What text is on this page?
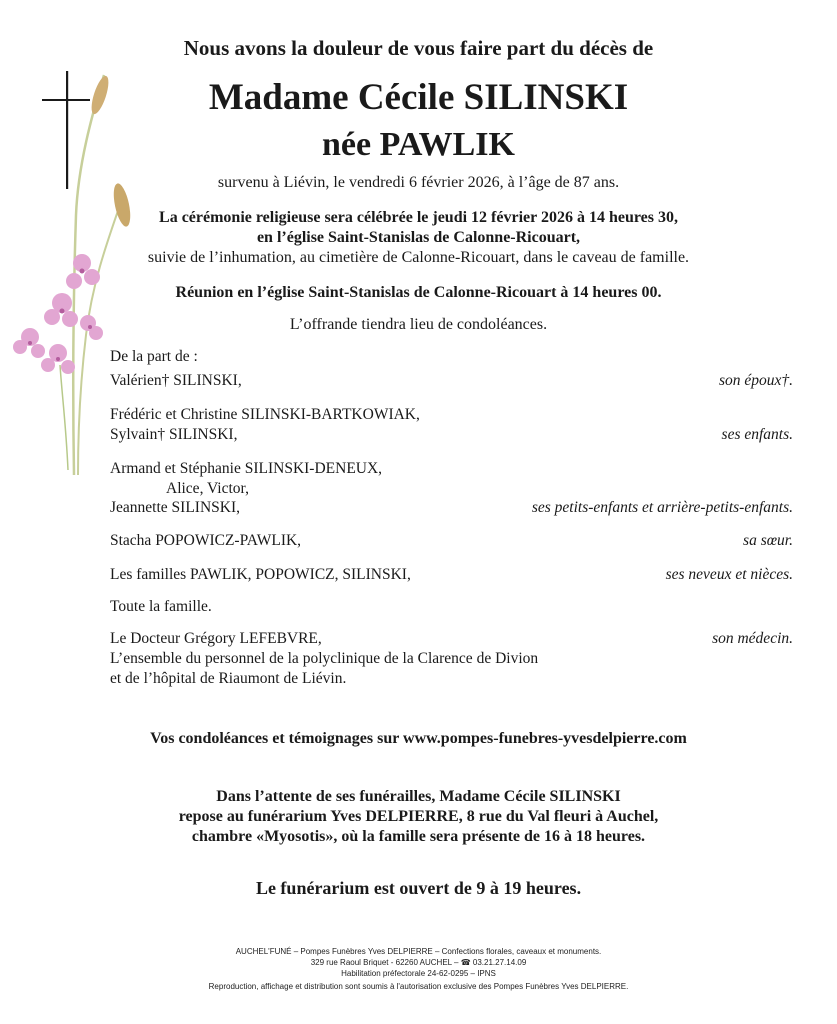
Nous avons la douleur de vous faire part du décès de
Madame Cécile SILINSKI
née PAWLIK
survenu à Liévin, le vendredi 6 février 2026, à l’âge de 87 ans.
La cérémonie religieuse sera célébrée le jeudi 12 février 2026 à 14 heures 30,
en l’église Saint-Stanislas de Calonne-Ricouart,
suivie de l’inhumation, au cimetière de Calonne-Ricouart, dans le caveau de famille.
Réunion en l’église Saint-Stanislas de Calonne-Ricouart à 14 heures 00.
L’offrande tiendra lieu de condoléances.
De la part de :
Valérien† SILINSKI,	son époux†.
Frédéric et Christine SILINSKI-BARTKOWIAK,
Sylvain† SILINSKI,	ses enfants.
Armand et Stéphanie SILINSKI-DENEUX,
Alice, Victor,
Jeannette SILINSKI,	ses petits-enfants et arrière-petits-enfants.
Stacha POPOWICZ-PAWLIK,	sa sœur.
Les familles PAWLIK, POPOWICZ, SILINSKI,	ses neveux et nièces.
Toute la famille.
Le Docteur Grégory LEFEBVRE,	son médecin.
L’ensemble du personnel de la polyclinique de la Clarence de Divion
et de l’hôpital de Riaumont de Liévin.
Vos condoléances et témoignages sur www.pompes-funebres-yvesdelpierre.com
Dans l’attente de ses funérailles, Madame Cécile SILINSKI
repose au funérarium Yves DELPIERRE, 8 rue du Val fleuri à Auchel,
chambre «Myosotis», où la famille sera présente de 16 à 18 heures.
Le funérarium est ouvert de 9 à 19 heures.
AUCHEL'FUNÉ – Pompes Funèbres Yves DELPIERRE – Confections florales, caveaux et monuments.
329 rue Raoul Briquet - 62260 AUCHEL – ☎ 03.21.27.14.09
Habilitation préfectorale 24-62-0295 – IPNS
Reproduction, affichage et distribution sont soumis à l'autorisation exclusive des Pompes Funèbres Yves DELPIERRE.
